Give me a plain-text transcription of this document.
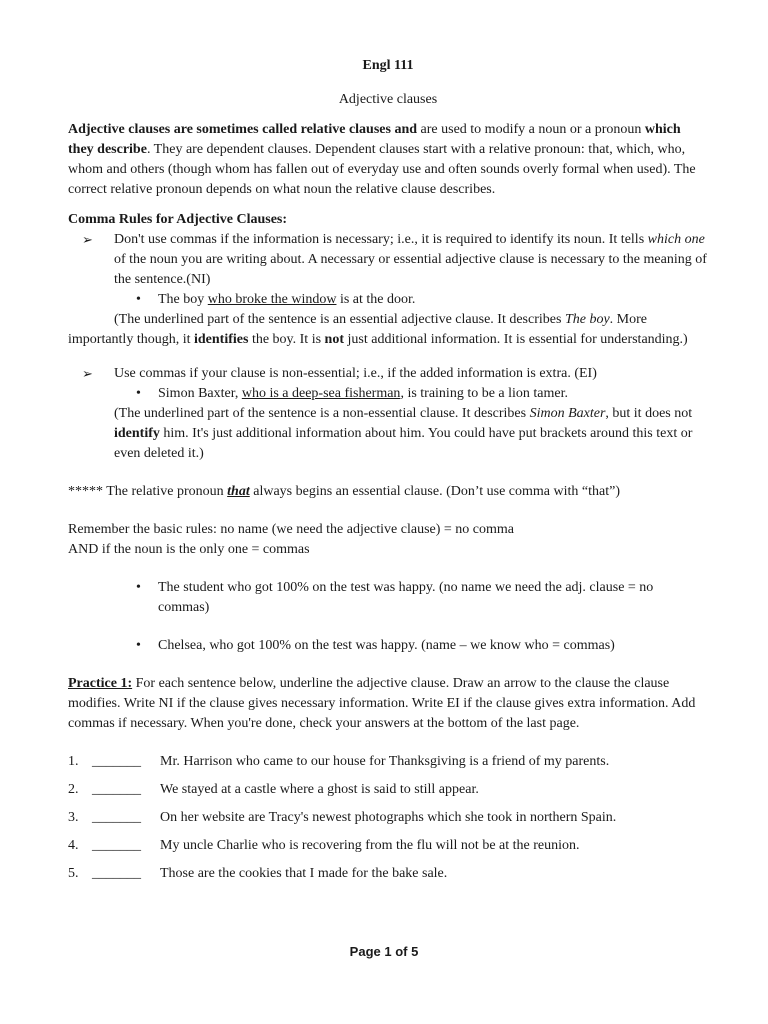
Engl 111

Adjective clauses

Adjective clauses are sometimes called relative clauses and are used to modify a noun or a pronoun which they describe. They are dependent clauses. Dependent clauses start with a relative pronoun: that, which, who, whom and others (though whom has fallen out of everyday use and often sounds overly formal when used). The correct relative pronoun depends on what noun the relative clause describes.

Comma Rules for Adjective Clauses:

➢	Don't use commas if the information is necessary; i.e., it is required to identify its noun. It tells which one of the noun you are writing about. A necessary or essential adjective clause is necessary to the meaning of the sentence.(NI)
•	The boy who broke the window is at the door.

(The underlined part of the sentence is an essential adjective clause. It describes The boy. More importantly though, it identifies the boy. It is not just additional information. It is essential for understanding.)

➢	Use commas if your clause is non-essential; i.e., if the added information is extra. (EI)
•	Simon Baxter, who is a deep-sea fisherman, is training to be a lion tamer.

(The underlined part of the sentence is a non-essential clause. It describes Simon Baxter, but it does not identify him. It's just additional information about him. You could have put brackets around this text or even deleted it.)

***** The relative pronoun that always begins an essential clause. (Don’t use comma with “that”)

Remember the basic rules: no name (we need the adjective clause) = no comma

AND if the noun is the only one = commas

•	The student who got 100% on the test was happy. (no name we need the adj. clause = no commas)
•	Chelsea, who got 100% on the test was happy. (name – we know who = commas)

Practice 1: For each sentence below, underline the adjective clause. Draw an arrow to the clause the clause modifies. Write NI if the clause gives necessary information. Write EI if the clause gives extra information. Add commas if necessary. When you're done, check your answers at the bottom of the last page.

1. _______	Mr. Harrison who came to our house for Thanksgiving is a friend of my parents.
2. _______	We stayed at a castle where a ghost is said to still appear.
3. _______	On her website are Tracy's newest photographs which she took in northern Spain.
4. _______	My uncle Charlie who is recovering from the flu will not be at the reunion.
5. _______	Those are the cookies that I made for the bake sale.
Page 1 of 5
